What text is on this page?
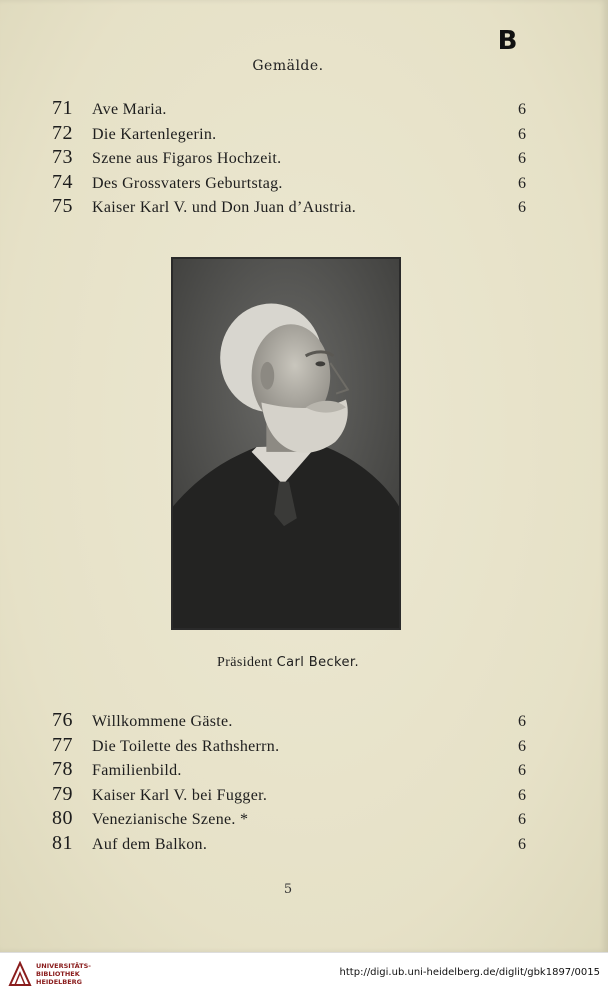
B
Gemälde.
71	Ave Maria.	6
72	Die Kartenlegerin.	6
73	Szene aus Figaros Hochzeit.	6
74	Des Grossvaters Geburtstag.	6
75	Kaiser Karl V. und Don Juan d’Austria.	6
Präsident Carl Becker.
76	Willkommene Gäste.	6
77	Die Toilette des Rathsherrn.	6
78	Familienbild.	6
79	Kaiser Karl V. bei Fugger.	6
80	Venezianische Szene. *	6
81	Auf dem Balkon.	6
5
UNIVERSITÄTS-
BIBLIOTHEK
HEIDELBERG
http://digi.ub.uni-heidelberg.de/diglit/gbk1897/0015
